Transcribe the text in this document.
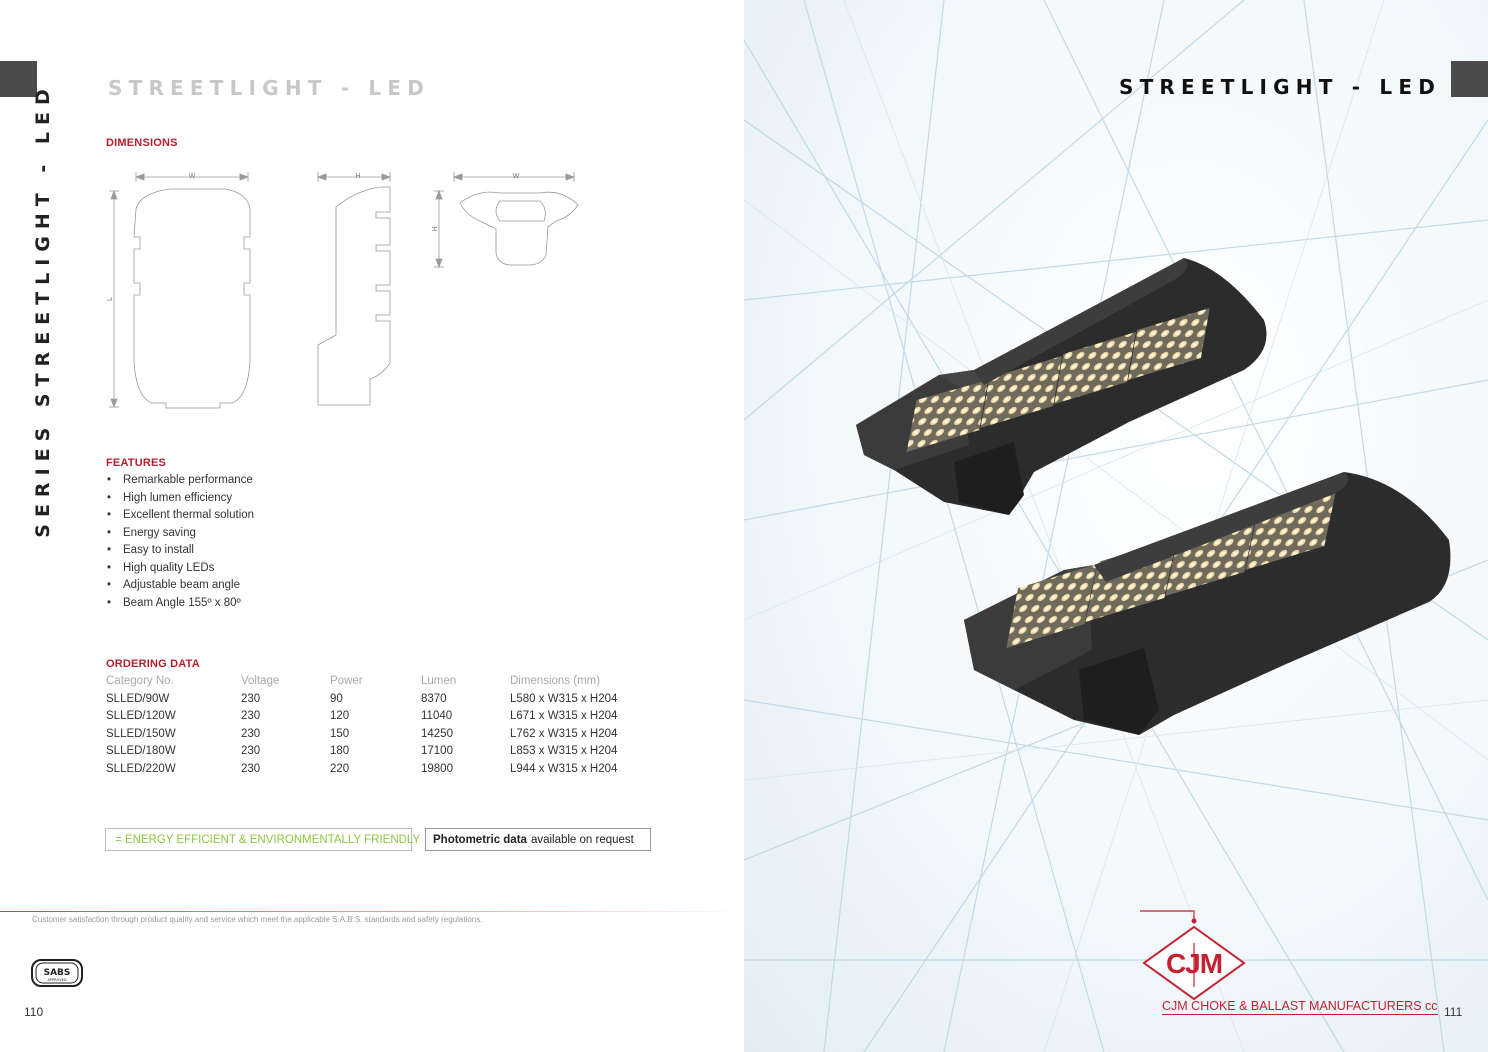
SERIES STREETLIGHT - LED	STREETLIGHT - LED
DIMENSIONS
W	H	W
L
H
FEATURES
• Remarkable performance
• High lumen efficiency
• Excellent thermal solution
• Energy saving
• Easy to install
• High quality LEDs
• Adjustable beam angle
• Beam Angle 155º x 80º
ORDERING DATA
Category No.	Voltage	Power	Lumen	Dimensions (mm)
SLLED/90W	230	90	8370	L580 x W315 x H204
SLLED/120W	230	120	11040	L671 x W315 x H204
SLLED/150W	230	150	14250	L762 x W315 x H204
SLLED/180W	230	180	17100	L853 x W315 x H204
SLLED/220W	230	220	19800	L944 x W315 x H204
= ENERGY EFFICIENT & ENVIRONMENTALLY FRIENDLY Photometric data available on request
Customer satisfaction through product quality and service which meet the applicable S.A.B.S. standards and safety regulations.
SABS
APPROVED
110
STREETLIGHT - LED
CJM
CJM CHOKE & BALLAST MANUFACTURERS cc 111
